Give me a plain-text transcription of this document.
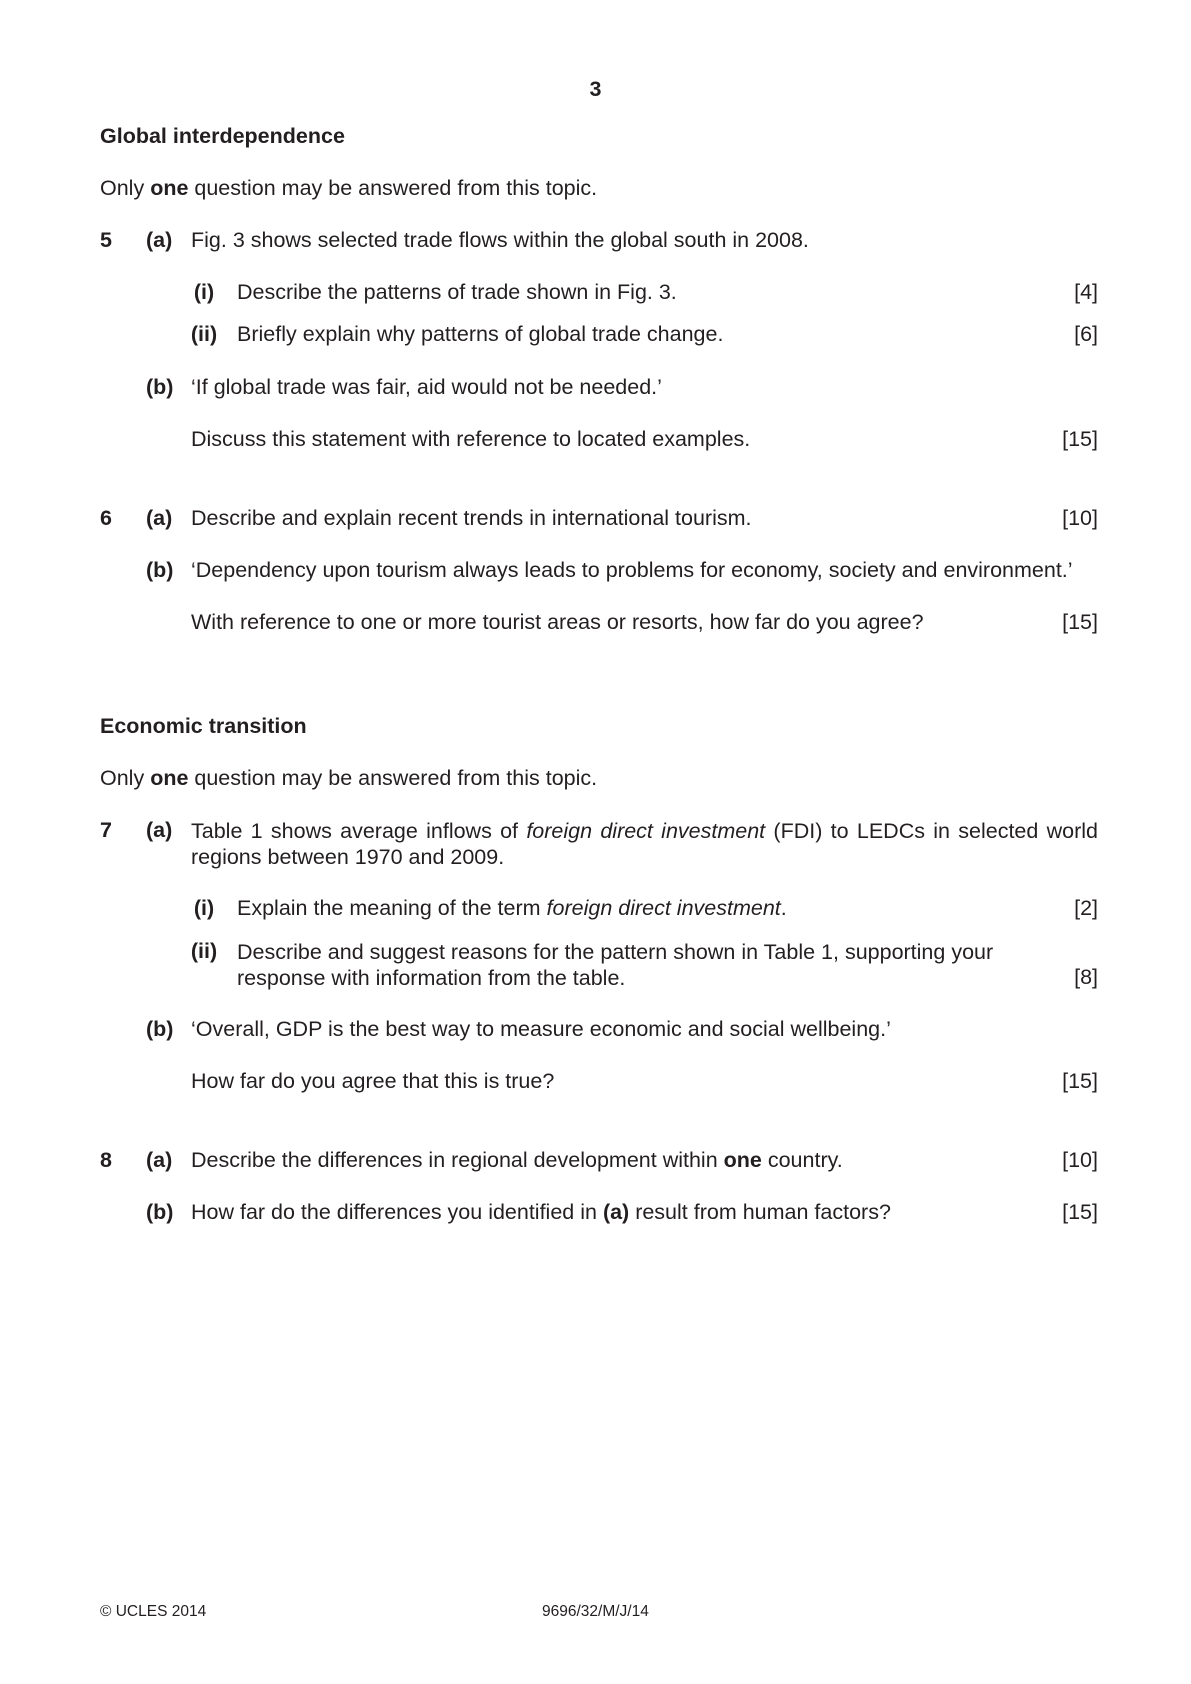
3
Global interdependence
Only one question may be answered from this topic.
5 (a) Fig. 3 shows selected trade flows within the global south in 2008.
(i)	Describe the patterns of trade shown in Fig. 3.	[4]
(ii) Briefly explain why patterns of global trade change.	[6]
(b) ‘If global trade was fair, aid would not be needed.’
Discuss this statement with reference to located examples.	[15]
6 (a) Describe and explain recent trends in international tourism.	[10]
(b) ‘Dependency upon tourism always leads to problems for economy, society and environment.’
With reference to one or more tourist areas or resorts, how far do you agree?	[15]
Economic transition
Only one question may be answered from this topic.
7 (a) Table 1 shows average inflows of foreign direct investment (FDI) to LEDCs in selected world regions between 1970 and 2009.
(i)	Explain the meaning of the term foreign direct investment.	[2]
(ii) Describe and suggest reasons for the pattern shown in Table 1, supporting your response with information from the table.	[8]
(b) ‘Overall, GDP is the best way to measure economic and social wellbeing.’
How far do you agree that this is true?	[15]
8 (a) Describe the differences in regional development within one country.	[10]
(b) How far do the differences you identified in (a) result from human factors?	[15]
© UCLES 2014	9696/32/M/J/14
